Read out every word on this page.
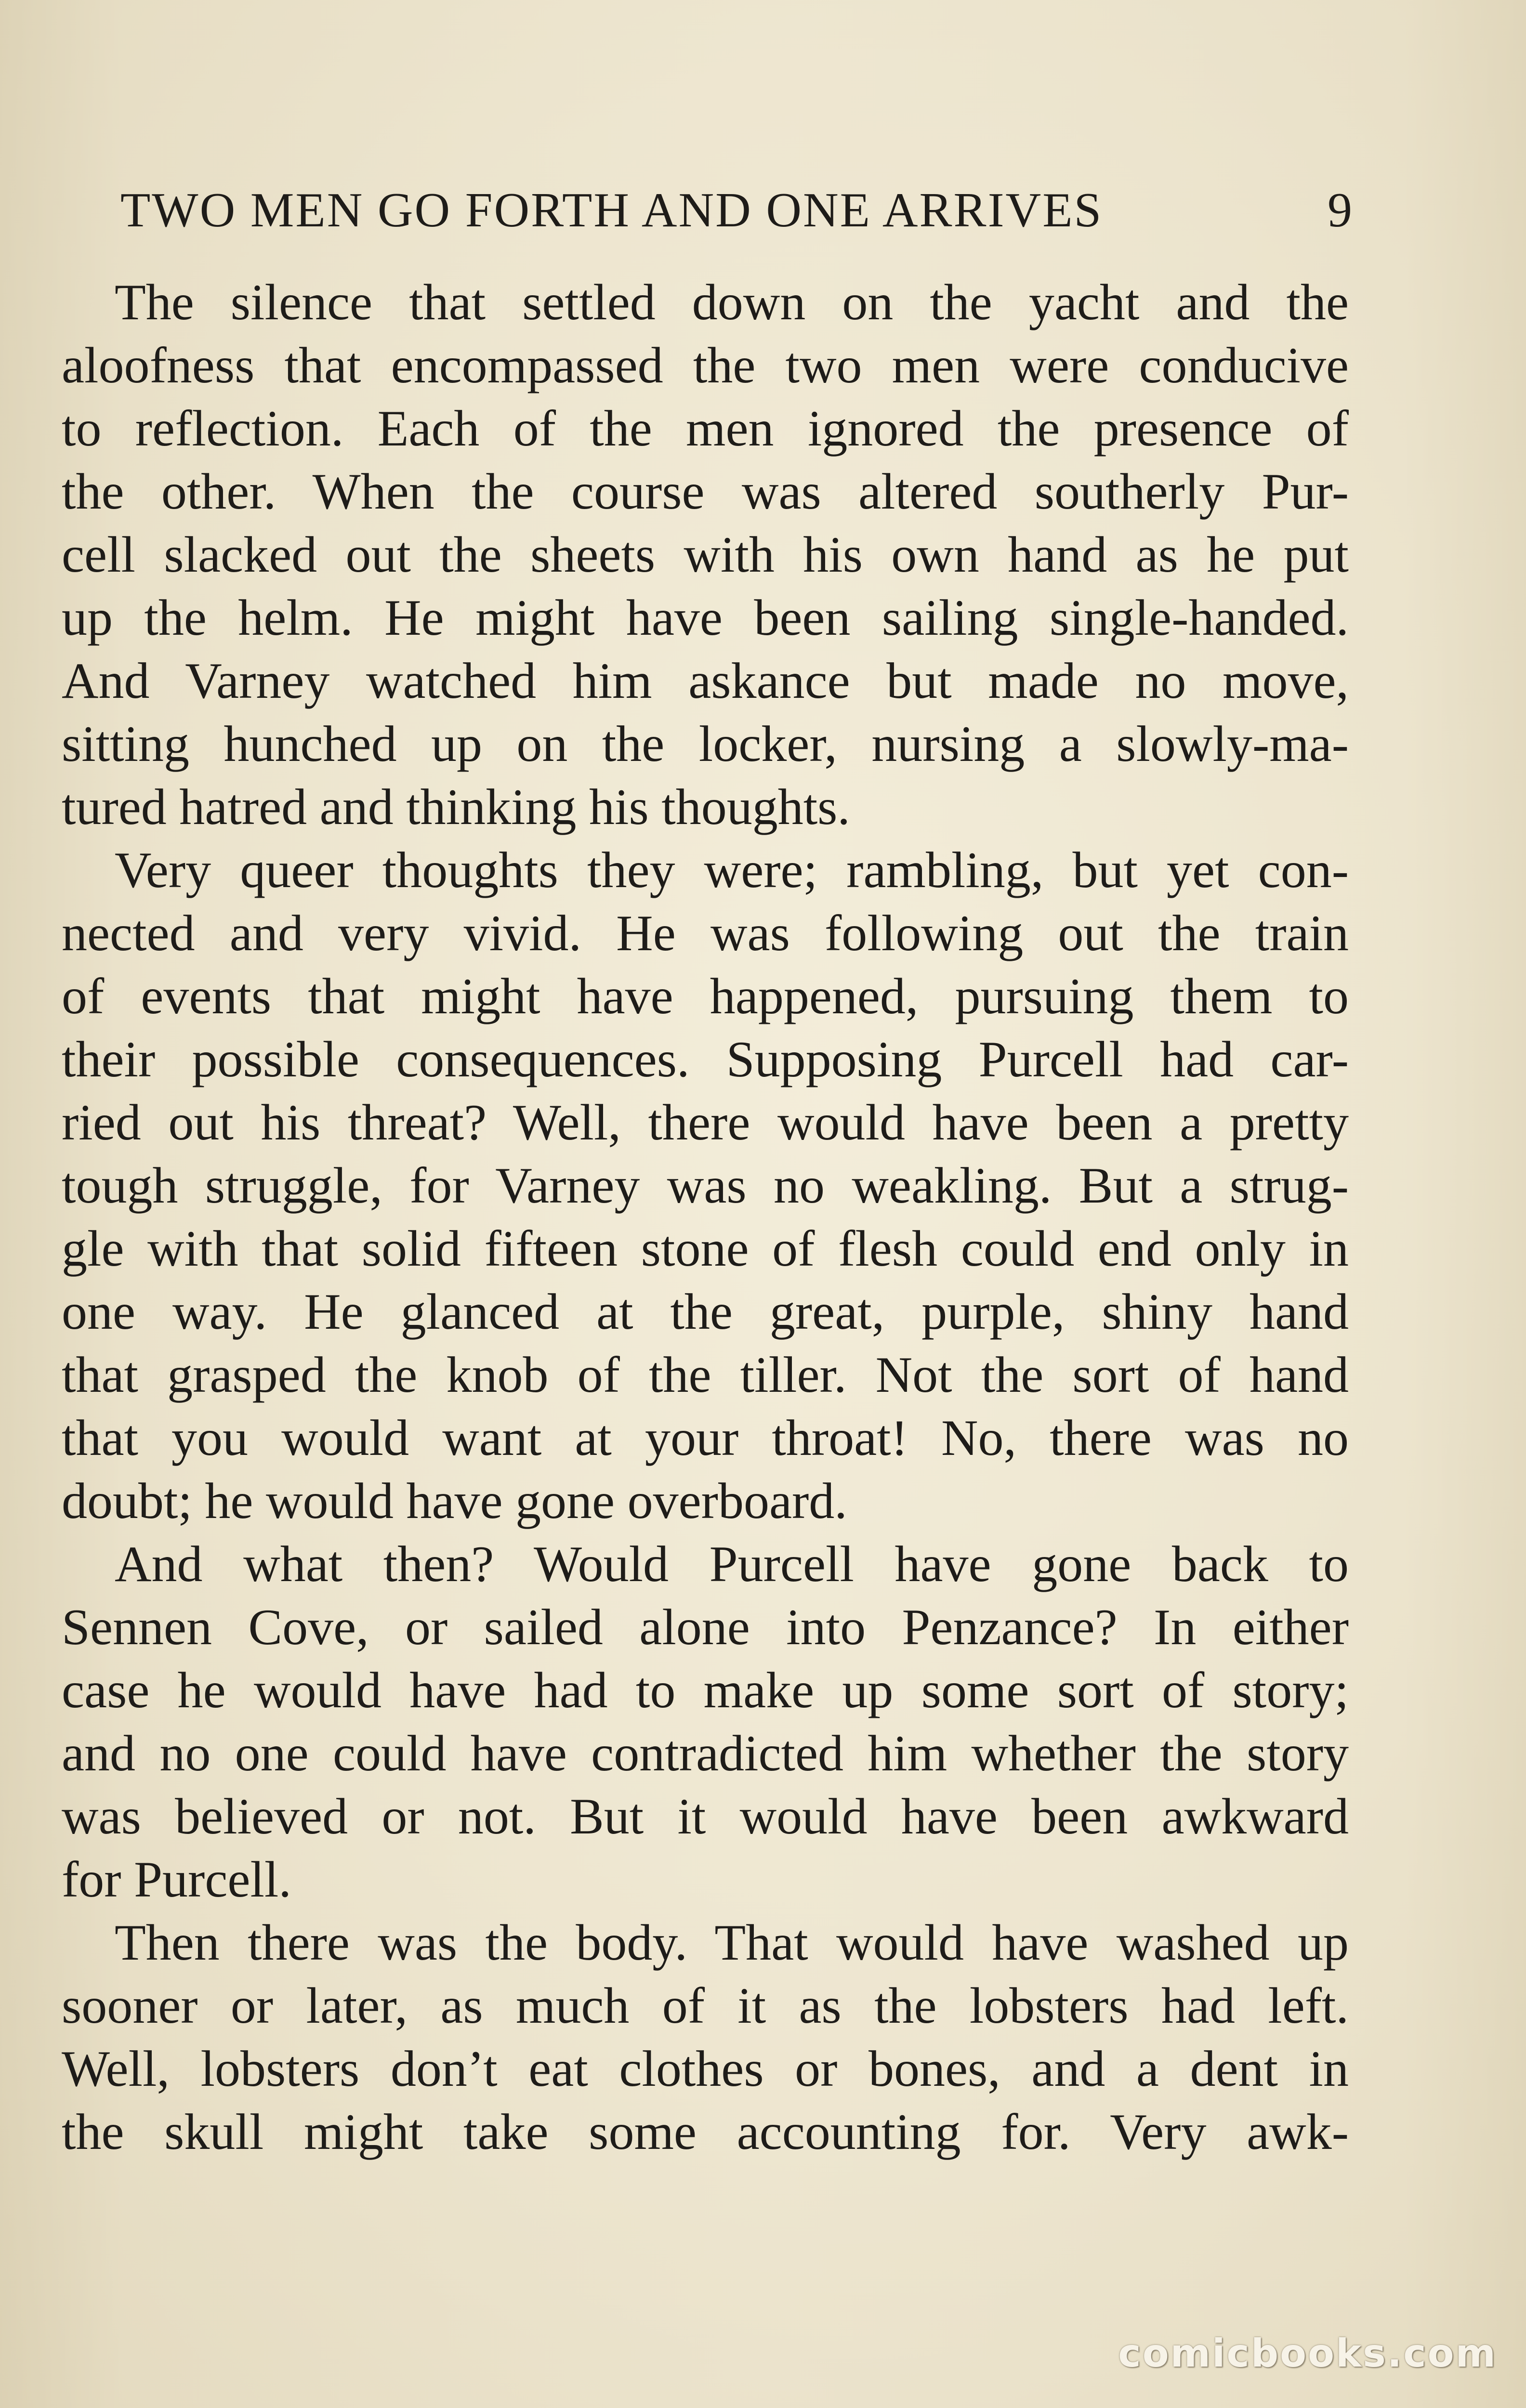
TWO MEN GO FORTH AND ONE ARRIVES	9
The silence that settled down on the yacht and the
aloofness that encompassed the two men were conducive
to reflection. Each of the men ignored the presence of
the other. When the course was altered southerly Pur-
cell slacked out the sheets with his own hand as he put
up the helm. He might have been sailing single-handed.
And Varney watched him askance but made no move,
sitting hunched up on the locker, nursing a slowly-ma-
tured hatred and thinking his thoughts.
Very queer thoughts they were; rambling, but yet con-
nected and very vivid. He was following out the train
of events that might have happened, pursuing them to
their possible consequences. Supposing Purcell had car-
ried out his threat? Well, there would have been a pretty
tough struggle, for Varney was no weakling. But a strug-
gle with that solid fifteen stone of flesh could end only in
one way. He glanced at the great, purple, shiny hand
that grasped the knob of the tiller. Not the sort of hand
that you would want at your throat! No, there was no
doubt; he would have gone overboard.
And what then? Would Purcell have gone back to
Sennen Cove, or sailed alone into Penzance? In either
case he would have had to make up some sort of story;
and no one could have contradicted him whether the story
was believed or not. But it would have been awkward
for Purcell.
Then there was the body. That would have washed up
sooner or later, as much of it as the lobsters had left.
Well, lobsters don’t eat clothes or bones, and a dent in
the skull might take some accounting for. Very awk-
comicbooks.com
